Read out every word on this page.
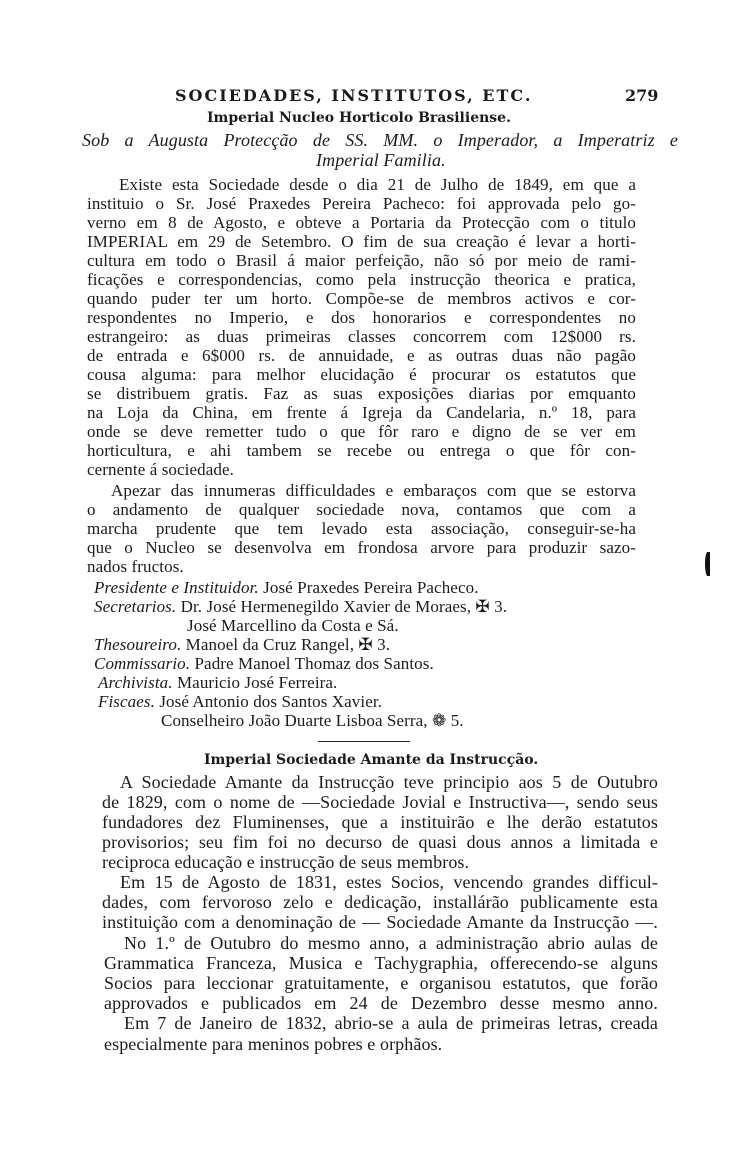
SOCIEDADES, INSTITUTOS, ETC.	279
Imperial Nucleo Horticolo Brasiliense.
Sob a Augusta Protecção de SS. MM. o Imperador, a Imperatriz e
Imperial Familia.
Existe esta Sociedade desde o dia 21 de Julho de 1849, em que a
instituio o Sr. José Praxedes Pereira Pacheco: foi approvada pelo go-
verno em 8 de Agosto, e obteve a Portaria da Protecção com o titulo
IMPERIAL em 29 de Setembro. O fim de sua creação é levar a horti-
cultura em todo o Brasil á maior perfeição, não só por meio de rami-
ficações e correspondencias, como pela instrucção theorica e pratica,
quando puder ter um horto. Compõe-se de membros activos e cor-
respondentes no Imperio, e dos honorarios e correspondentes no
estrangeiro: as duas primeiras classes concorrem com 12$000 rs.
de entrada e 6$000 rs. de annuidade, e as outras duas não pagão
cousa alguma: para melhor elucidação é procurar os estatutos que
se distribuem gratis. Faz as suas exposições diarias por emquanto
na Loja da China, em frente á Igreja da Candelaria, n.º 18, para
onde se deve remetter tudo o que fôr raro e digno de se ver em
horticultura, e ahi tambem se recebe ou entrega o que fôr con-
cernente á sociedade.
Apezar das innumeras difficuldades e embaraços com que se estorva
o andamento de qualquer sociedade nova, contamos que com a
marcha prudente que tem levado esta associação, conseguir-se-ha
que o Nucleo se desenvolva em frondosa arvore para produzir sazo-
nados fructos.
Presidente e Instituidor. José Praxedes Pereira Pacheco.
Secretarios. Dr. José Hermenegildo Xavier de Moraes, ✠ 3.
José Marcellino da Costa e Sá.
Thesoureiro. Manoel da Cruz Rangel, ✠ 3.
Commissario. Padre Manoel Thomaz dos Santos.
Archivista. Mauricio José Ferreira.
Fiscaes. José Antonio dos Santos Xavier.
Conselheiro João Duarte Lisboa Serra, ❁ 5.
Imperial Sociedade Amante da Instrucção.
A Sociedade Amante da Instrucção teve principio aos 5 de Outubro
de 1829, com o nome de —Sociedade Jovial e Instructiva—, sendo seus
fundadores dez Fluminenses, que a instituirão e lhe derão estatutos
provisorios; seu fim foi no decurso de quasi dous annos a limitada e
reciproca educação e instrucção de seus membros.
Em 15 de Agosto de 1831, estes Socios, vencendo grandes difficul-
dades, com fervoroso zelo e dedicação, installárão publicamente esta
instituição com a denominação de — Sociedade Amante da Instrucção —.
No 1.º de Outubro do mesmo anno, a administração abrio aulas de
Grammatica Franceza, Musica e Tachygraphia, offerecendo-se alguns
Socios para leccionar gratuitamente, e organisou estatutos, que forão
approvados e publicados em 24 de Dezembro desse mesmo anno.
Em 7 de Janeiro de 1832, abrio-se a aula de primeiras letras, creada
especialmente para meninos pobres e orphãos.
